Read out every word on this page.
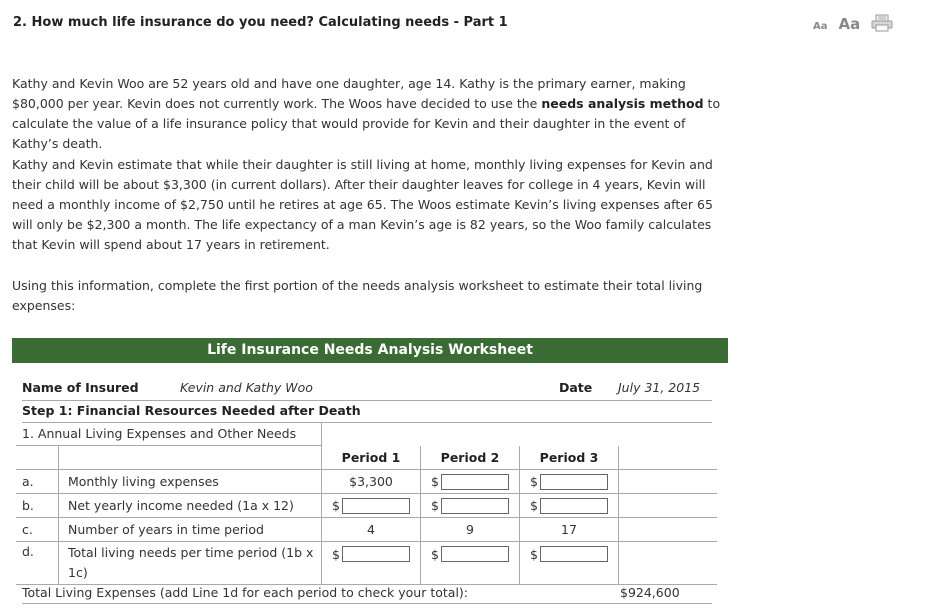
2. How much life insurance do you need? Calculating needs - Part 1	Aa Aa

Kathy and Kevin Woo are 52 years old and have one daughter, age 14. Kathy is the primary earner, making $80,000 per year. Kevin does not currently work. The Woos have decided to use the needs analysis method to calculate the value of a life insurance policy that would provide for Kevin and their daughter in the event of Kathy’s death.

Kathy and Kevin estimate that while their daughter is still living at home, monthly living expenses for Kevin and their child will be about $3,300 (in current dollars). After their daughter leaves for college in 4 years, Kevin will need a monthly income of $2,750 until he retires at age 65. The Woos estimate Kevin’s living expenses after 65 will only be $2,300 a month. The life expectancy of a man Kevin’s age is 82 years, so the Woo family calculates that Kevin will spend about 17 years in retirement.

Using this information, complete the first portion of the needs analysis worksheet to estimate their total living expenses:

Life Insurance Needs Analysis Worksheet
Name of Insured	Kevin and Kathy Woo	Date July 31, 2015
Step 1: Financial Resources Needed after Death
1. Annual Living Expenses and Other Needs					
		Period 1	Period 2	Period 3	
a.	Monthly living expenses	$3,300	$	$	

b.	Net yearly income needed (1a x 12)	$	$	$	

c.	Number of years in time period	4	9	17	
d.	Total living needs per time period (1b x
1c)	$	$	$	

Total Living Expenses (add Line 1d for each period to check your total):	$924,600
